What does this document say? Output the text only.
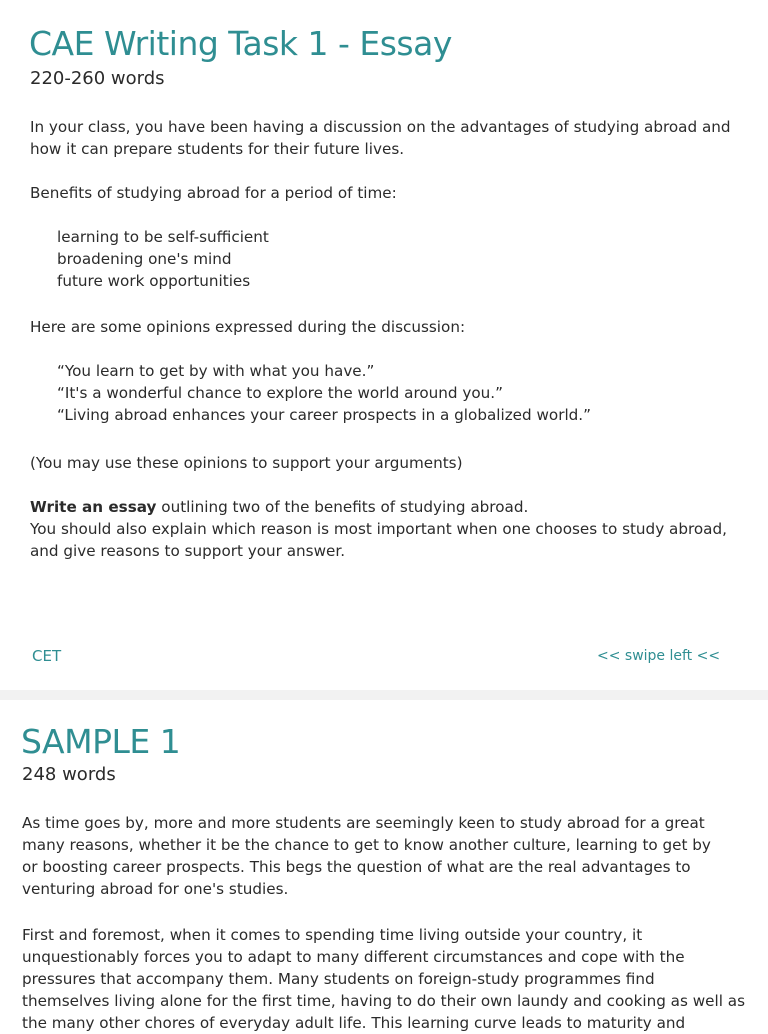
CAE Writing Task 1 - Essay
220-260 words

In your class, you have been having a discussion on the advantages of studying abroad and
how it can prepare students for their future lives.

Benefits of studying abroad for a period of time:

learning to be self-sufficient
broadening one's mind
future work opportunities

Here are some opinions expressed during the discussion:

“You learn to get by with what you have.”
“It's a wonderful chance to explore the world around you.”
“Living abroad enhances your career prospects in a globalized world.”

(You may use these opinions to support your arguments)

Write an essay outlining two of the benefits of studying abroad.
You should also explain which reason is most important when one chooses to study abroad,
and give reasons to support your answer.

CET	<< swipe left <<
SAMPLE 1
248 words

As time goes by, more and more students are seemingly keen to study abroad for a great
many reasons, whether it be the chance to get to know another culture, learning to get by
or boosting career prospects. This begs the question of what are the real advantages to
venturing abroad for one's studies.

First and foremost, when it comes to spending time living outside your country, it
unquestionably forces you to adapt to many different circumstances and cope with the
pressures that accompany them. Many students on foreign-study programmes find
themselves living alone for the first time, having to do their own laundy and cooking as well as
the many other chores of everyday adult life. This learning curve leads to maturity and
